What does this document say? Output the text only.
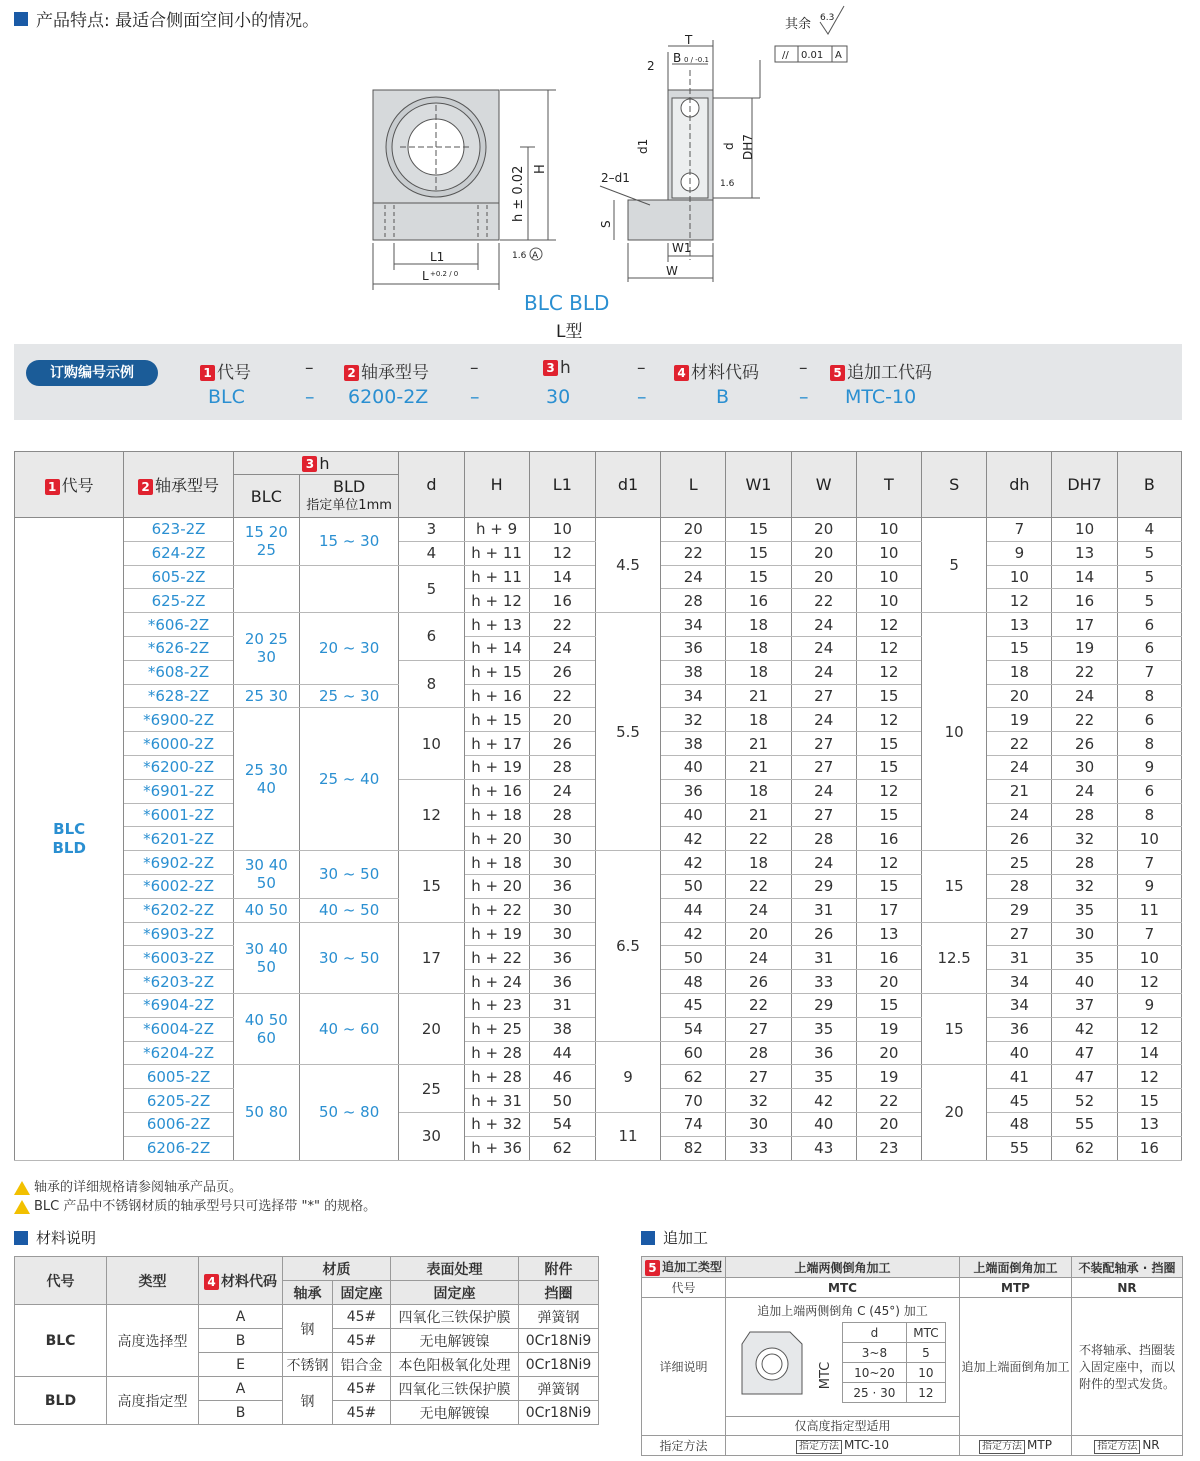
产品特点: 最适合侧面空间小的情况。	其余 6.3
// 0.01 A
T
2
B 0 / -0.1
d1	d DH7
2–d1
S
W1
W
1.6
1.6 A
H
h ± 0.02
L1
L +0.2 / 0
BLC BLD
L型
订购编号示例	1 代号	2 轴承型号	3 h	4 材料代码	5 追加工代码
–	–	–	–
BLC	6200-2Z	30	B	MTC-10
–	–	–	–
1 代号	2 轴承型号	3 h		d	H	L1	d1	L	W1	W	T	S	dh	DH7	B
		BLC	BLD
指定单位1mm												

BLC
BLD	623-2Z	15 20 25	15 ~ 30	3	h + 9	10	4.5	20	15	20	10	5	7	10	4
	624-2Z			4	h + 11	12		22	15	20	10		9	13	5
	605-2Z			5	h + 11	14		24	15	20	10		10	14	5
	625-2Z				h + 12	16		28	16	22	10		12	16	5
	*606-2Z	20 25 30	20 ~ 30	6	h + 13	22	5.5	34	18	24	12	10	13	17	6
	*626-2Z				h + 14	24		36	18	24	12		15	19	6
	*608-2Z			8	h + 15	26		38	18	24	12		18	22	7
	*628-2Z	25 30	25 ~ 30		h + 16	22		34	21	27	15		20	24	8
	*6900-2Z	25 30 40	25 ~ 40	10	h + 15	20		32	18	24	12		19	22	6
	*6000-2Z				h + 17	26		38	21	27	15		22	26	8
	*6200-2Z				h + 19	28		40	21	27	15		24	30	9
	*6901-2Z			12	h + 16	24		36	18	24	12		21	24	6
	*6001-2Z				h + 18	28		40	21	27	15		24	28	8
	*6201-2Z				h + 20	30		42	22	28	16		26	32	10
	*6902-2Z	30 40 50	30 ~ 50	15	h + 18	30	6.5	42	18	24	12	15	25	28	7
	*6002-2Z				h + 20	36		50	22	29	15		28	32	9
	*6202-2Z	40 50	40 ~ 50		h + 22	30		44	24	31	17		29	35	11
	*6903-2Z	30 40 50	30 ~ 50	17	h + 19	30		42	20	26	13	12.5	27	30	7
	*6003-2Z				h + 22	36		50	24	31	16		31	35	10
	*6203-2Z				h + 24	36		48	26	33	20		34	40	12
	*6904-2Z	40 50 60	40 ~ 60	20	h + 23	31		45	22	29	15	15	34	37	9
	*6004-2Z				h + 25	38		54	27	35	19		36	42	12
	*6204-2Z				h + 28	44	9	60	28	36	20		40	47	14
	6005-2Z	50 80	50 ~ 80	25	h + 28	46		62	27	35	19	20	41	47	12
	6205-2Z				h + 31	50		70	32	42	22		45	52	15
	6006-2Z			30	h + 32	54	11	74	30	40	20		48	55	13
	6206-2Z				h + 36	62		82	33	43	23		55	62	16
轴承的详细规格请参阅轴承产品页。
BLC 产品中不锈钢材质的轴承型号只可选择带 "*" 的规格。
材料说明
代号	类型	4 材料代码	材质		表面处理	附件
			轴承	固定座	固定座	挡圈
BLC	高度选择型	A	钢	45#	四氧化三铁保护膜	弹簧钢
		B		45#	无电解镀镍	0Cr18Ni9
		E	不锈钢	铝合金	本色阳极氧化处理	0Cr18Ni9
BLD	高度指定型	A	钢	45#	四氧化三铁保护膜	弹簧钢
		B		45#	无电解镀镍	0Cr18Ni9
追加工
5 追加工类型	上端两侧倒角加工	上端面倒角加工	不装配轴承 · 挡圈
代号	MTC	MTP	NR
详细说明	
追加上端两侧倒角 C (45°) 加工
MTC
d	MTC
3~8	5
10~20	10
25 · 30	12
仅高度指定型适用
	追加上端面倒角加工	不将轴承、挡圈装入固定座中，而以附件的型式发货。
指定方法	指定方法 MTC-10	指定方法 MTP	指定方法 NR
